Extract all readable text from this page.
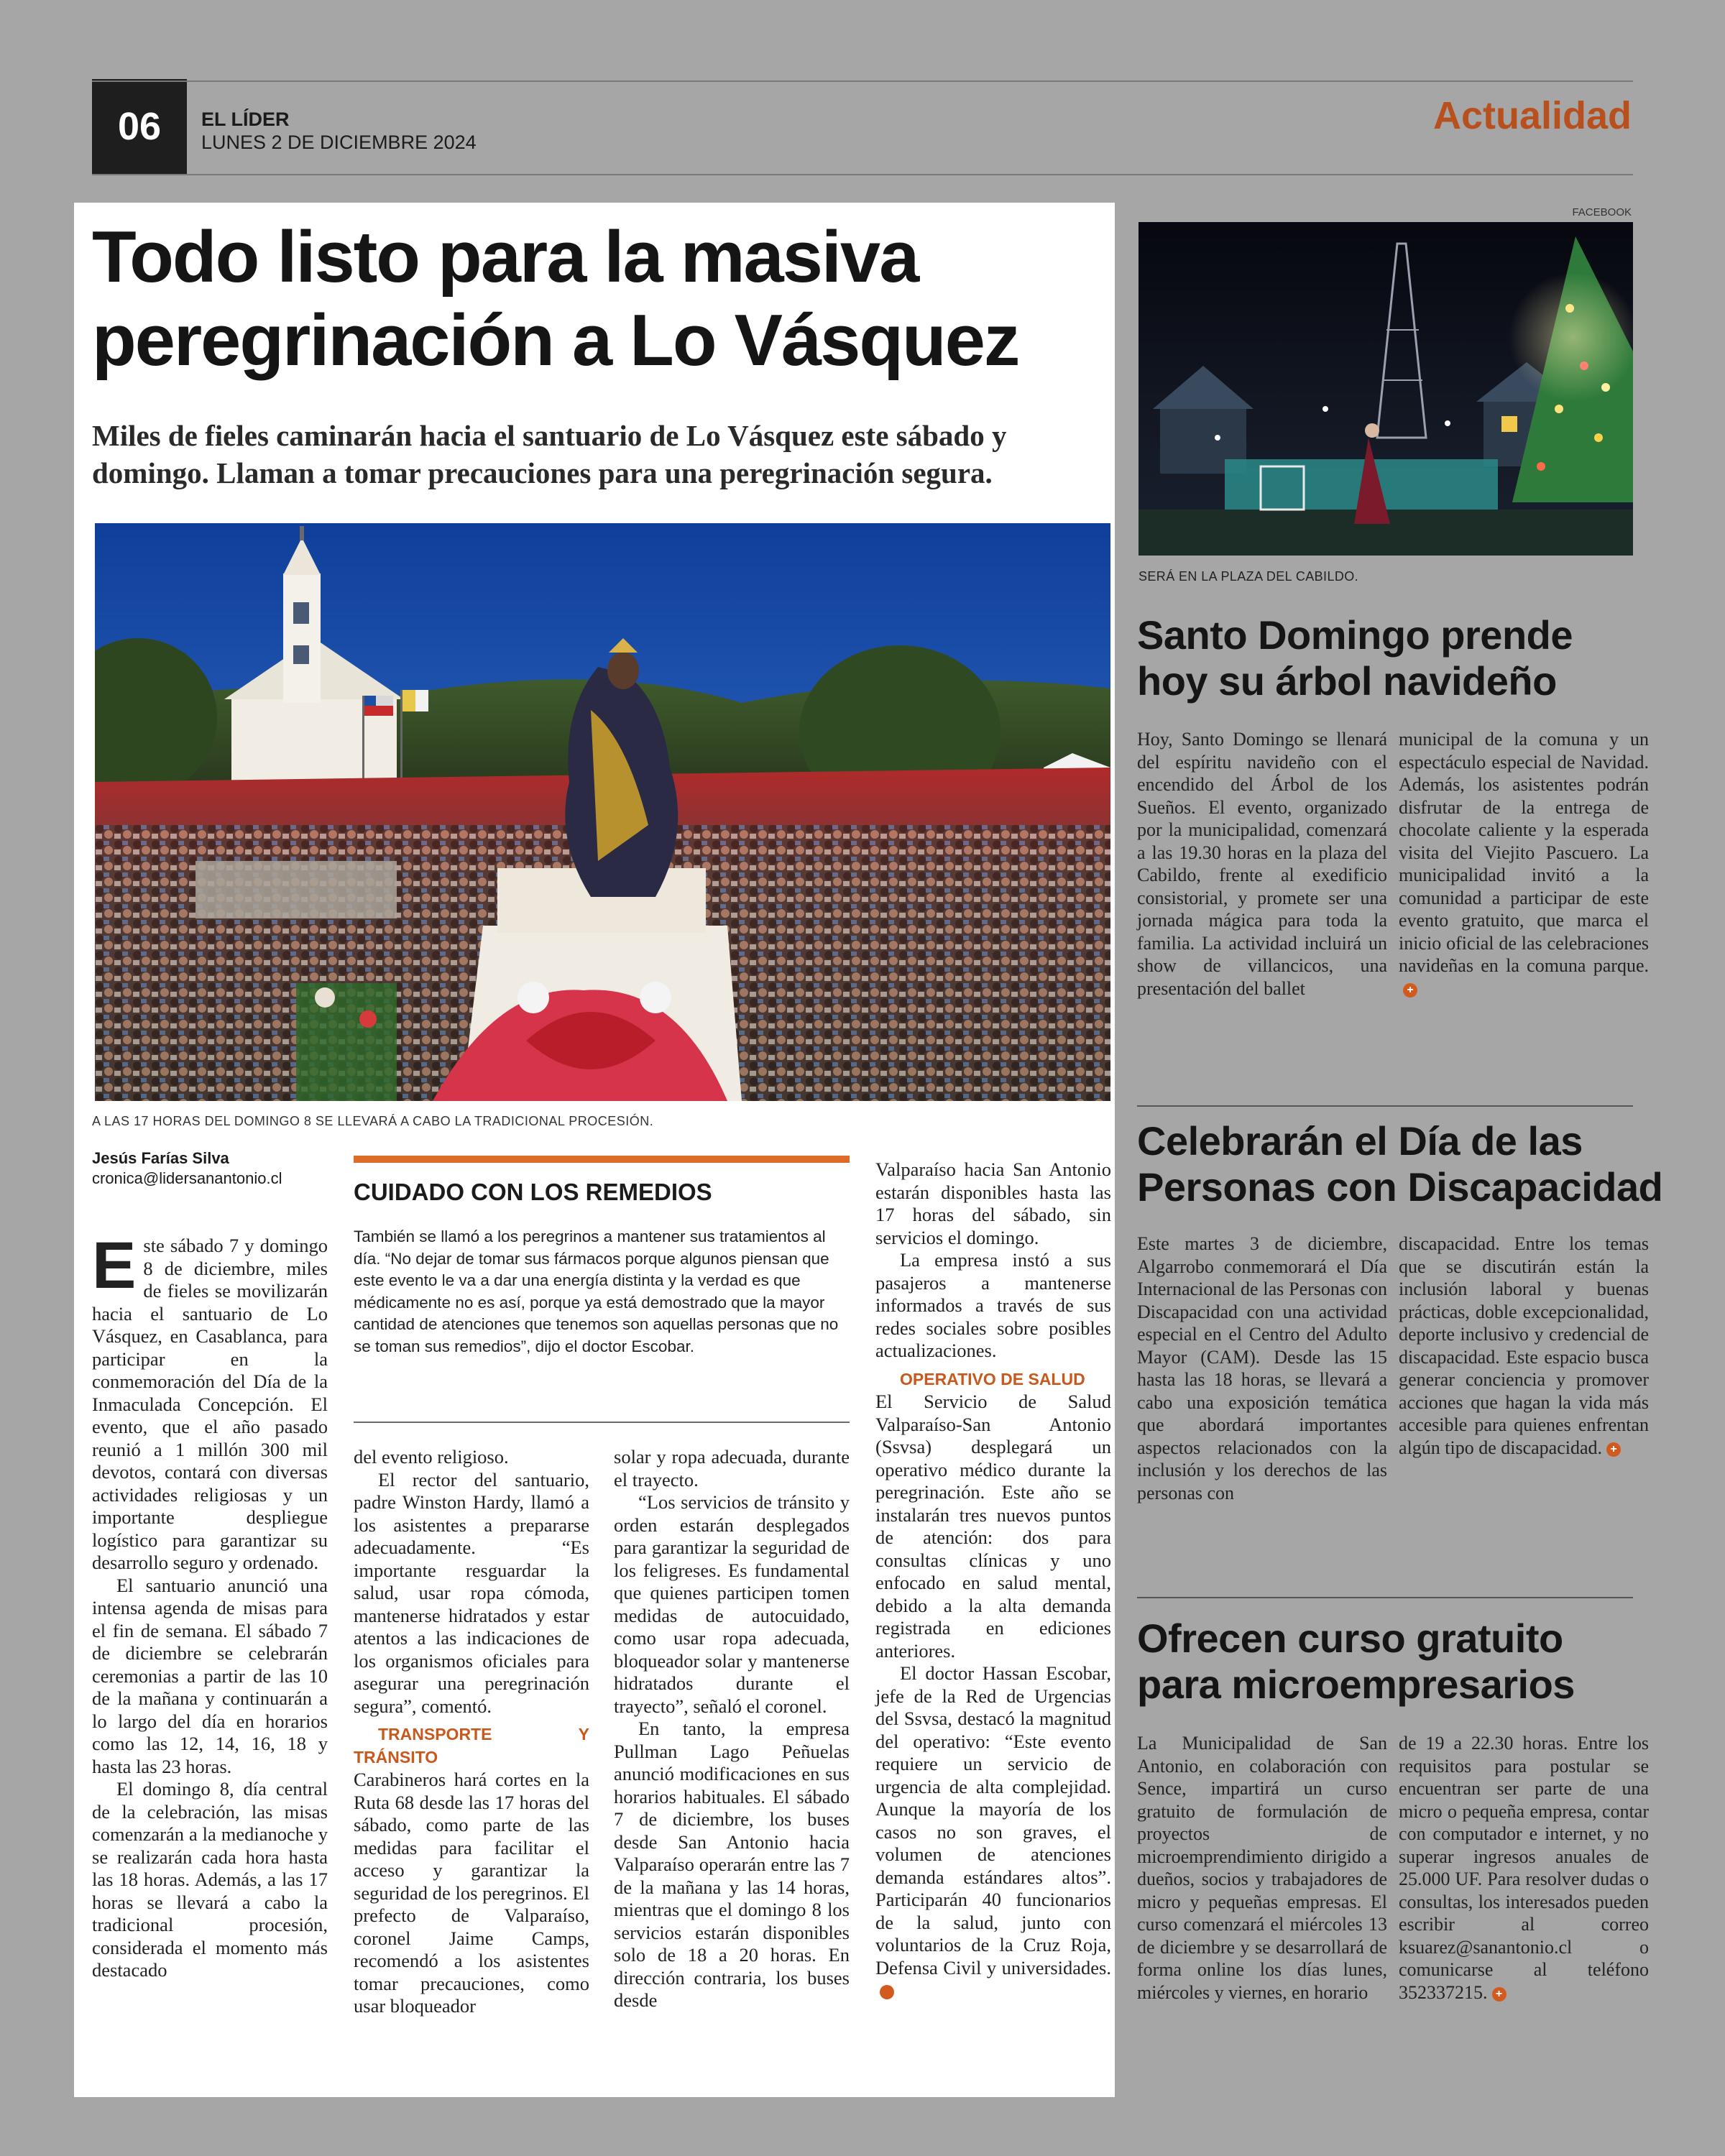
06	EL LÍDER
LUNES 2 DE DICIEMBRE 2024
Actualidad
Todo listo para la masiva
peregrinación a Lo Vásquez
Miles de fieles caminarán hacia el santuario de Lo Vásquez este sábado y
domingo. Llaman a tomar precauciones para una peregrinación segura.
A LAS 17 HORAS DEL DOMINGO 8 SE LLEVARÁ A CABO LA TRADICIONAL PROCESIÓN.
Jesús Farías Silva
cronica@lidersanantonio.cl

Este sábado 7 y domingo 8 de diciembre, miles de fieles se movilizarán hacia el santuario de Lo Vásquez, en Casablanca, para participar en la conmemoración del Día de la Inmaculada Concepción. El evento, que el año pasado reunió a 1 millón 300 mil devotos, contará con diversas actividades religiosas y un importante despliegue logístico para garantizar su desarrollo seguro y ordenado.

El santuario anunció una intensa agenda de misas para el fin de semana. El sábado 7 de diciembre se celebrarán ceremonias a partir de las 10 de la mañana y continuarán a lo largo del día en horarios como las 12, 14, 16, 18 y hasta las 23 horas.

El domingo 8, día central de la celebración, las misas comenzarán a la medianoche y se realizarán cada hora hasta las 18 horas. Además, a las 17 horas se llevará a cabo la tradicional procesión, considerada el momento más destacado

CUIDADO CON LOS REMEDIOS
También se llamó a los peregrinos a mantener sus tratamientos al día. “No dejar de tomar sus fármacos porque algunos piensan que este evento le va a dar una energía distinta y la verdad es que médicamente no es así, porque ya está demostrado que la mayor cantidad de atenciones que tenemos son aquellas personas que no se toman sus remedios”, dijo el doctor Escobar.

del evento religioso.

El rector del santuario, padre Winston Hardy, llamó a los asistentes a prepararse adecuadamente. “Es importante resguardar la salud, usar ropa cómoda, mantenerse hidratados y estar atentos a las indicaciones de los organismos oficiales para asegurar una peregrinación segura”, comentó.

TRANSPORTE Y TRÁNSITO

Carabineros hará cortes en la Ruta 68 desde las 17 horas del sábado, como parte de las medidas para facilitar el acceso y garantizar la seguridad de los peregrinos. El prefecto de Valparaíso, coronel Jaime Camps, recomendó a los asistentes tomar precauciones, como usar bloqueador

solar y ropa adecuada, durante el trayecto.

“Los servicios de tránsito y orden estarán desplegados para garantizar la seguridad de los feligreses. Es fundamental que quienes participen tomen medidas de autocuidado, como usar ropa adecuada, bloqueador solar y mantenerse hidratados durante el trayecto”, señaló el coronel.

En tanto, la empresa Pullman Lago Peñuelas anunció modificaciones en sus horarios habituales. El sábado 7 de diciembre, los buses desde San Antonio hacia Valparaíso operarán entre las 7 de la mañana y las 14 horas, mientras que el domingo 8 los servicios estarán disponibles solo de 18 a 20 horas. En dirección contraria, los buses desde

Valparaíso hacia San Antonio estarán disponibles hasta las 17 horas del sábado, sin servicios el domingo.

La empresa instó a sus pasajeros a mantenerse informados a través de sus redes sociales sobre posibles actualizaciones.

OPERATIVO DE SALUD

El Servicio de Salud Valparaíso-San Antonio (Ssvsa) desplegará un operativo médico durante la peregrinación. Este año se instalarán tres nuevos puntos de atención: dos para consultas clínicas y uno enfocado en salud mental, debido a la alta demanda registrada en ediciones anteriores.

El doctor Hassan Escobar, jefe de la Red de Urgencias del Ssvsa, destacó la magnitud del operativo: “Este evento requiere un servicio de urgencia de alta complejidad. Aunque la mayoría de los casos no son graves, el volumen de atenciones demanda estándares altos”. Participarán 40 funcionarios de la salud, junto con voluntarios de la Cruz Roja, Defensa Civil y universidades.+

FACEBOOK
SERÁ EN LA PLAZA DEL CABILDO.
Santo Domingo prende
hoy su árbol navideño
Hoy, Santo Domingo se llenará del espíritu navideño con el encendido del Árbol de los Sueños. El evento, organizado por la municipalidad, comenzará a las 19.30 horas en la plaza del Cabildo, frente al exedificio consistorial, y promete ser una jornada mágica para toda la familia. La actividad incluirá un show de villancicos, una presentación del ballet
municipal de la comuna y un espectáculo especial de Navidad. Además, los asistentes podrán disfrutar de la entrega de chocolate caliente y la esperada visita del Viejito Pascuero. La municipalidad invitó a la comunidad a participar de este evento gratuito, que marca el inicio oficial de las celebraciones navideñas en la comuna parque.+
Celebrarán el Día de las
Personas con Discapacidad
Este martes 3 de diciembre, Algarrobo conmemorará el Día Internacional de las Personas con Discapacidad con una actividad especial en el Centro del Adulto Mayor (CAM). Desde las 15 hasta las 18 horas, se llevará a cabo una exposición temática que abordará importantes aspectos relacionados con la inclusión y los derechos de las personas con
discapacidad. Entre los temas que se discutirán están la inclusión laboral y buenas prácticas, doble excepcionalidad, deporte inclusivo y credencial de discapacidad. Este espacio busca generar conciencia y promover acciones que hagan la vida más accesible para quienes enfrentan algún tipo de discapacidad. +
Ofrecen curso gratuito
para microempresarios
La Municipalidad de San Antonio, en colaboración con Sence, impartirá un curso gratuito de formulación de proyectos de microemprendimiento dirigido a dueños, socios y trabajadores de micro y pequeñas empresas. El curso comenzará el miércoles 13 de diciembre y se desarrollará de forma online los días lunes, miércoles y viernes, en horario
de 19 a 22.30 horas. Entre los requisitos para postular se encuentran ser parte de una micro o pequeña empresa, contar con computador e internet, y no superar ingresos anuales de 25.000 UF. Para resolver dudas o consultas, los interesados pueden escribir al correo ksuarez@sanantonio.cl o comunicarse al teléfono 352337215. +
